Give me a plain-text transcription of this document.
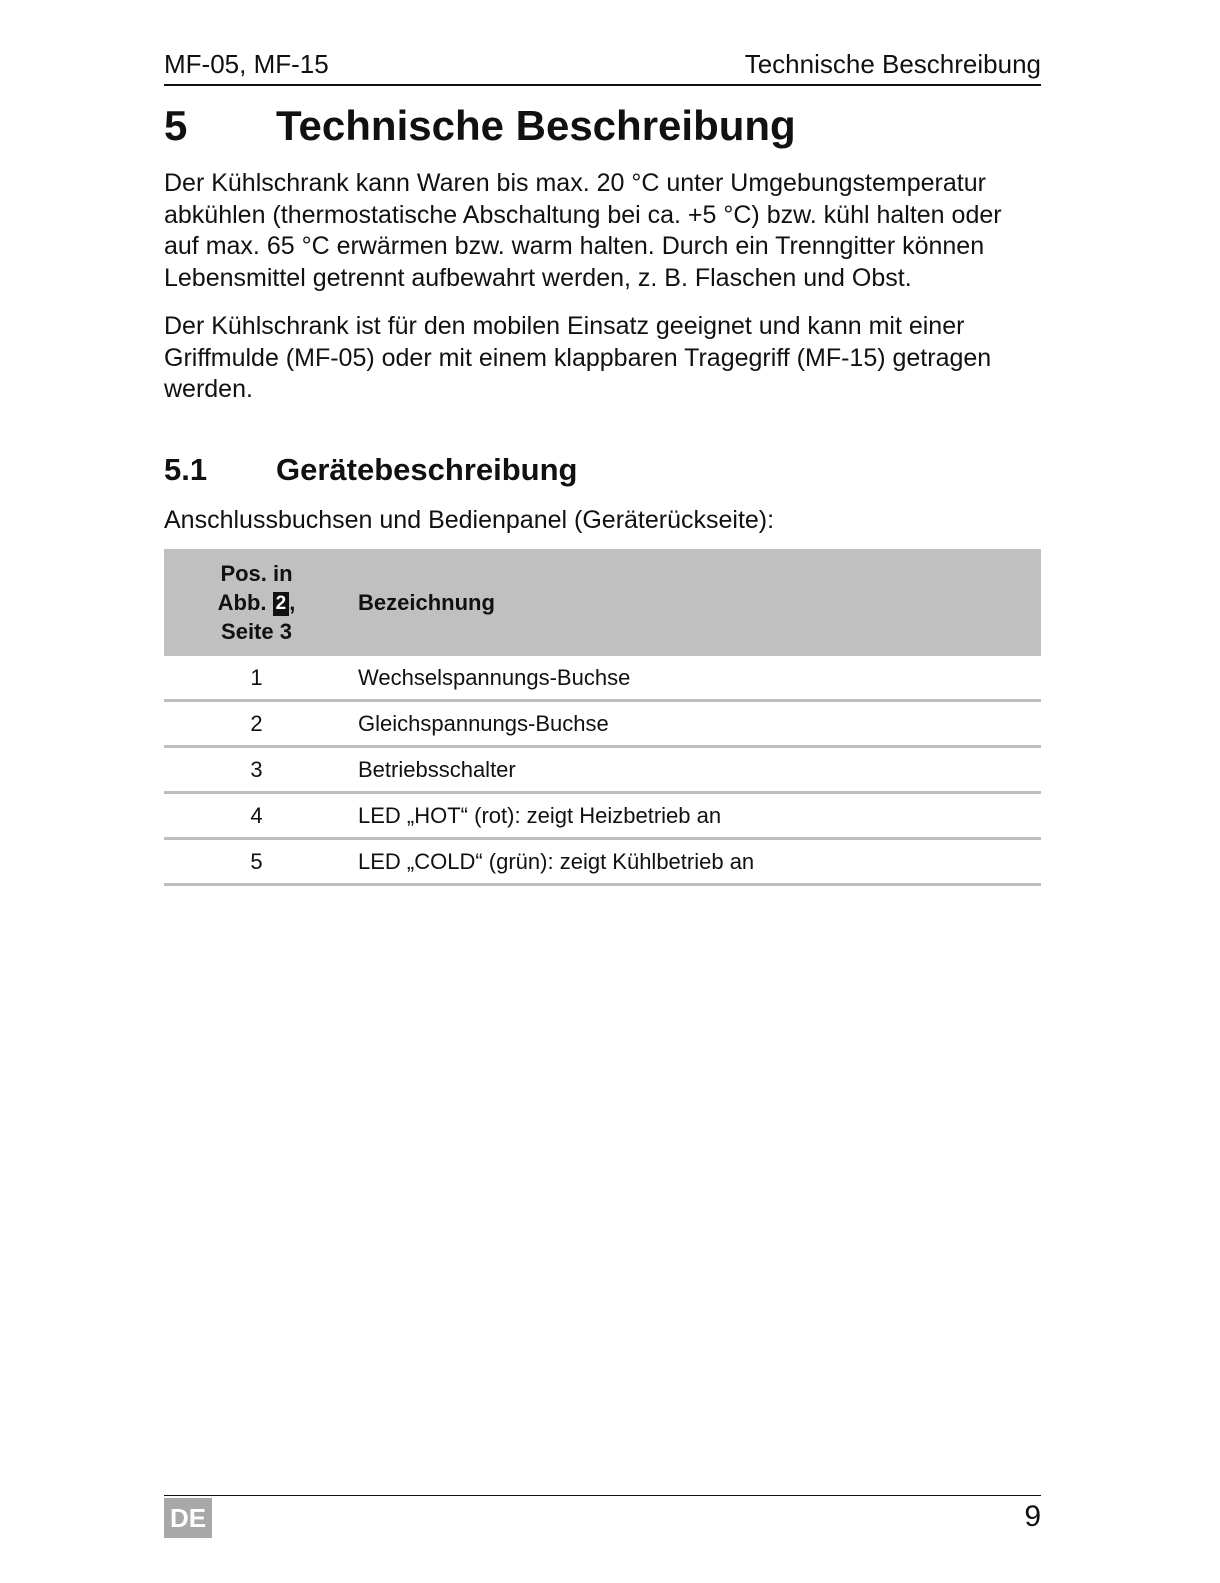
MF-05, MF-15	Technische Beschreibung
5	Technische Beschreibung

Der Kühlschrank kann Waren bis max. 20 °C unter Umgebungstemperatur abkühlen (thermostatische Abschaltung bei ca. +5 °C) bzw. kühl halten oder auf max. 65 °C erwärmen bzw. warm halten. Durch ein Trenngitter können Lebensmittel getrennt aufbewahrt werden, z. B. Flaschen und Obst.

Der Kühlschrank ist für den mobilen Einsatz geeignet und kann mit einer Griffmulde (MF-05) oder mit einem klappbaren Tragegriff (MF-15) getragen werden.

5.1	Gerätebeschreibung
Anschlussbuchsen und Bedienpanel (Geräterückseite):
Pos. in
Abb. 2 ,
Seite 3	Bezeichnung
1	Wechselspannungs-Buchse
2	Gleichspannungs-Buchse
3	Betriebsschalter
4	LED „HOT“ (rot): zeigt Heizbetrieb an
5	LED „COLD“ (grün): zeigt Kühlbetrieb an
DE	9
